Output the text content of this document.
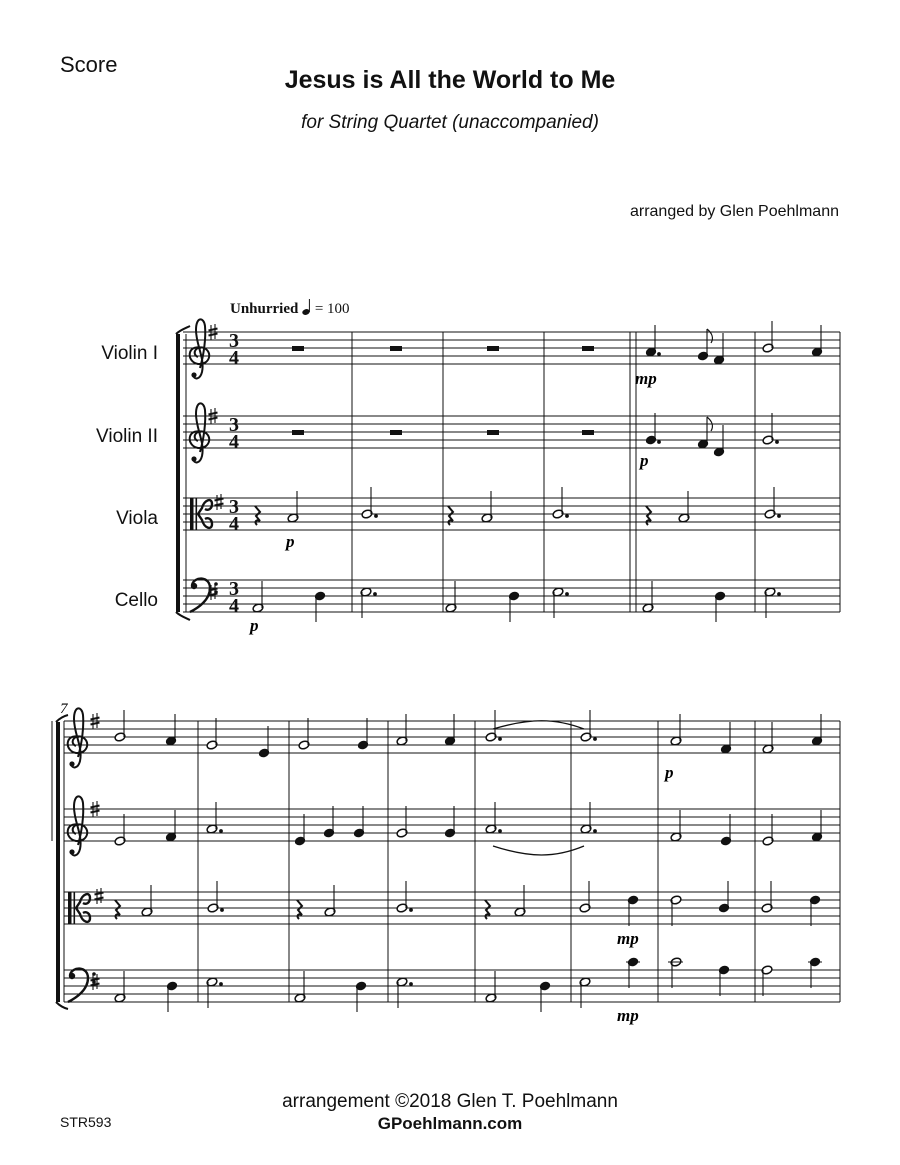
Score
Jesus is All the World to Me
for String Quartet (unaccompanied)
arranged by Glen Poehlmann
Violin I
Violin II
Viola
Cello
3
4
3
4
3
4
3
4
mp
p
p
p
7
p
mp
mp
Unhurried = 100
arrangement ©2018 Glen T. Poehlmann
GPoehlmann.com
STR593
